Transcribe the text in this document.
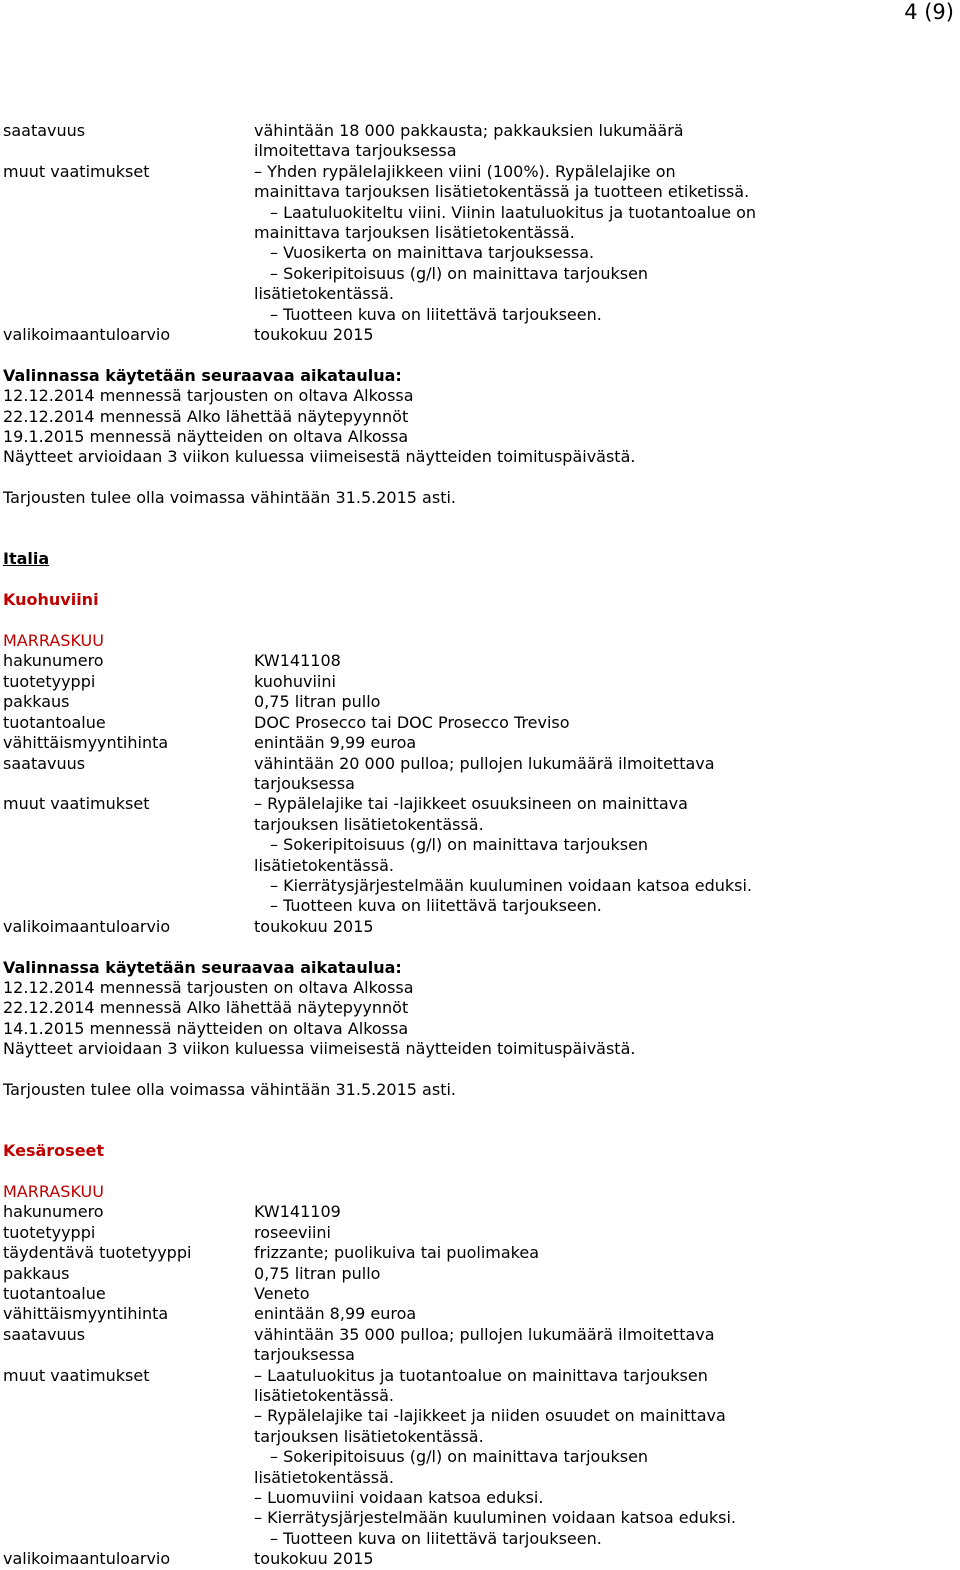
4 (9)
saatavuus	vähintään 18 000 pakkausta; pakkauksien lukumäärä
ilmoitettava tarjouksessa
muut vaatimukset	– Yhden rypälelajikkeen viini (100%). Rypälelajike on
mainittava tarjouksen lisätietokentässä ja tuotteen etiketissä.
– Laatuluokiteltu viini. Viinin laatuluokitus ja tuotantoalue on
mainittava tarjouksen lisätietokentässä.
– Vuosikerta on mainittava tarjouksessa.
– Sokeripitoisuus (g/l) on mainittava tarjouksen
lisätietokentässä.
– Tuotteen kuva on liitettävä tarjoukseen.
valikoimaantuloarvio	toukokuu 2015
Valinnassa käytetään seuraavaa aikataulua:
12.12.2014 mennessä tarjousten on oltava Alkossa
22.12.2014 mennessä Alko lähettää näytepyynnöt
19.1.2015 mennessä näytteiden on oltava Alkossa
Näytteet arvioidaan 3 viikon kuluessa viimeisestä näytteiden toimituspäivästä.
Tarjousten tulee olla voimassa vähintään 31.5.2015 asti.
Italia
Kuohuviini
MARRASKUU
hakunumero	KW141108
tuotetyyppi	kuohuviini
pakkaus	0,75 litran pullo
tuotantoalue	DOC Prosecco tai DOC Prosecco Treviso
vähittäismyyntihinta	enintään 9,99 euroa
saatavuus	vähintään 20 000 pulloa; pullojen lukumäärä ilmoitettava
tarjouksessa
muut vaatimukset	– Rypälelajike tai -lajikkeet osuuksineen on mainittava
tarjouksen lisätietokentässä.
– Sokeripitoisuus (g/l) on mainittava tarjouksen
lisätietokentässä.
– Kierrätysjärjestelmään kuuluminen voidaan katsoa eduksi.
– Tuotteen kuva on liitettävä tarjoukseen.
valikoimaantuloarvio	toukokuu 2015
Valinnassa käytetään seuraavaa aikataulua:
12.12.2014 mennessä tarjousten on oltava Alkossa
22.12.2014 mennessä Alko lähettää näytepyynnöt
14.1.2015 mennessä näytteiden on oltava Alkossa
Näytteet arvioidaan 3 viikon kuluessa viimeisestä näytteiden toimituspäivästä.
Tarjousten tulee olla voimassa vähintään 31.5.2015 asti.
Kesäroseet
MARRASKUU
hakunumero	KW141109
tuotetyyppi	roseeviini
täydentävä tuotetyyppi	frizzante; puolikuiva tai puolimakea
pakkaus	0,75 litran pullo
tuotantoalue	Veneto
vähittäismyyntihinta	enintään 8,99 euroa
saatavuus	vähintään 35 000 pulloa; pullojen lukumäärä ilmoitettava
tarjouksessa
muut vaatimukset	– Laatuluokitus ja tuotantoalue on mainittava tarjouksen
lisätietokentässä.
– Rypälelajike tai -lajikkeet ja niiden osuudet on mainittava
tarjouksen lisätietokentässä.
– Sokeripitoisuus (g/l) on mainittava tarjouksen
lisätietokentässä.
– Luomuviini voidaan katsoa eduksi.
– Kierrätysjärjestelmään kuuluminen voidaan katsoa eduksi.
– Tuotteen kuva on liitettävä tarjoukseen.
valikoimaantuloarvio	toukokuu 2015
